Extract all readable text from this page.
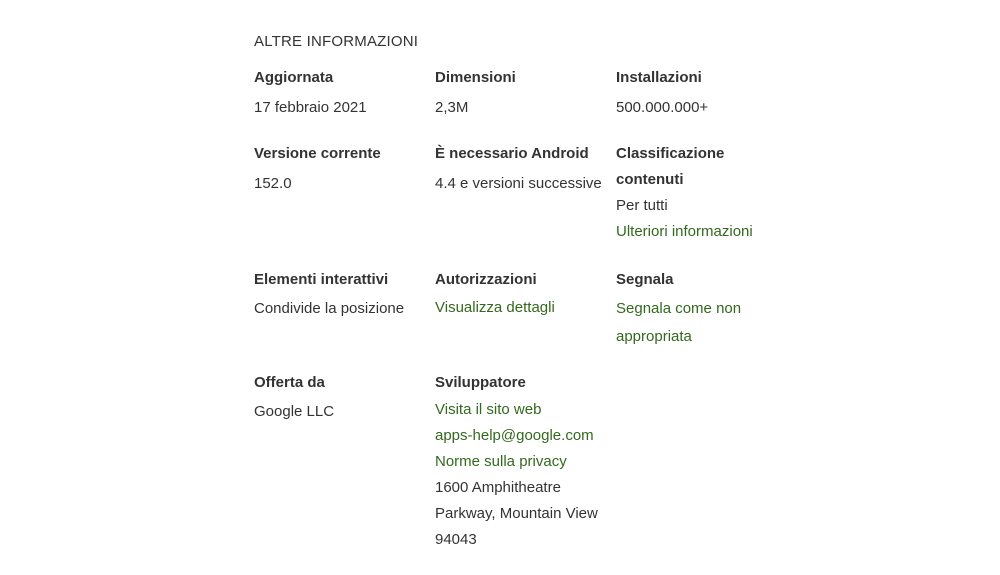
ALTRE INFORMAZIONI
Aggiornata
17 febbraio 2021
Dimensioni
2,3M
Installazioni
500.000.000+
Versione corrente
152.0
È necessario Android
4.4 e versioni successive
Classificazione
contenuti
Per tutti
Ulteriori informazioni
Elementi interattivi
Condivide la posizione
Autorizzazioni
Visualizza dettagli
Segnala
Segnala come non
appropriata
Offerta da
Google LLC
Sviluppatore
Visita il sito web
apps-help@google.com
Norme sulla privacy
1600 Amphitheatre
Parkway, Mountain View
94043
